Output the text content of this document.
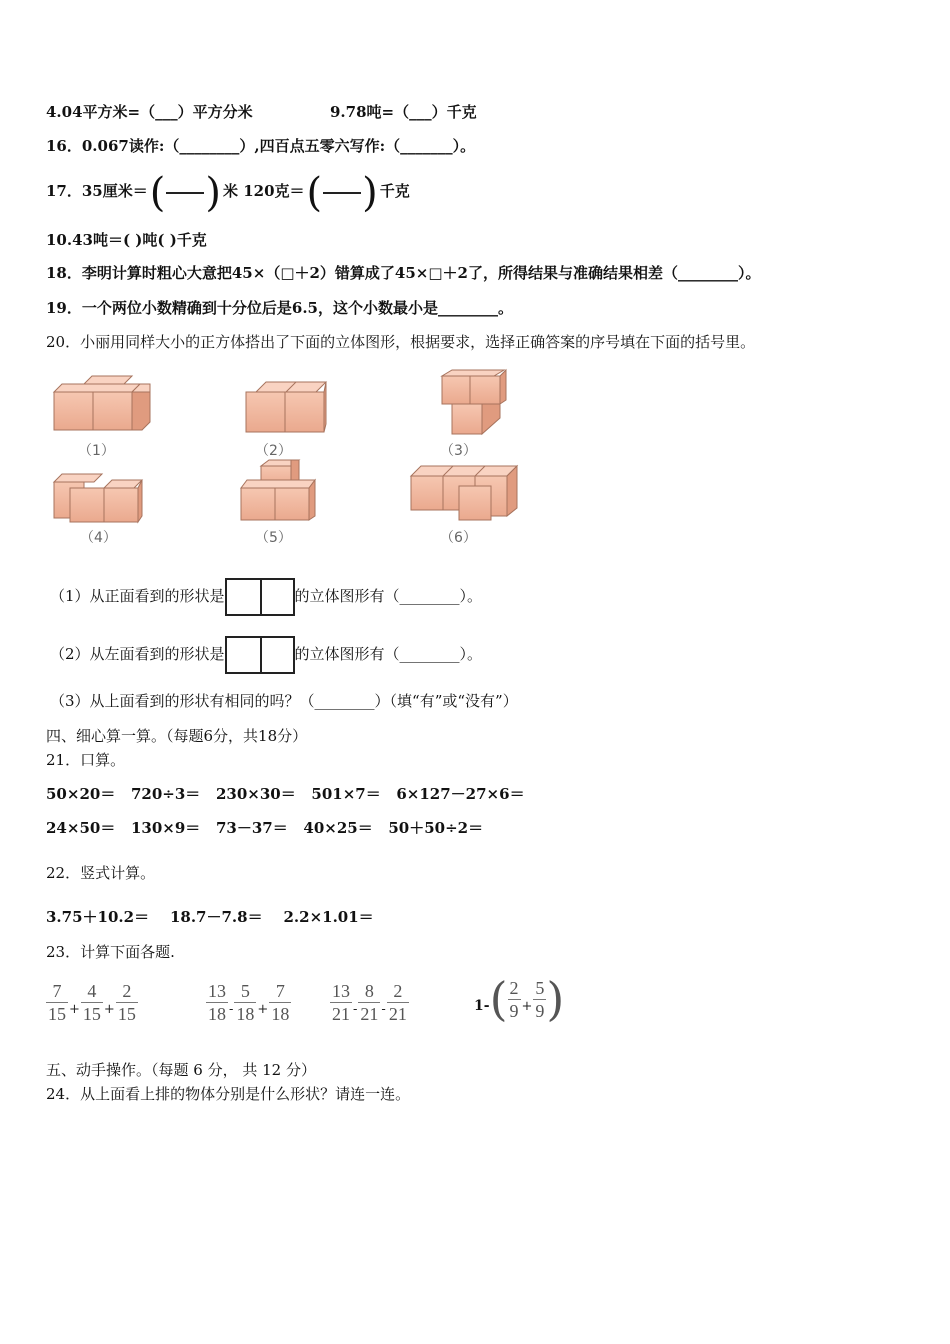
4.04平方米=（___）平方分米	9.78吨=（___）千克
16．0.067读作:（________）,四百点五零六写作:（_______）。
17．35厘米＝( ) 米 120克＝( ) 千克
10.43吨＝( )吨( )千克
18．李明计算时粗心大意把45×（□＋2）错算成了45×□＋2了，所得结果与准确结果相差（________）。
19．一个两位小数精确到十分位后是6.5，这个小数最小是________。
20．小丽用同样大小的正方体搭出了下面的立体图形，根据要求，选择正确答案的序号填在下面的括号里。
（1）	（2）	（3）
（4）	（5）	（6）
（1）从正面看到的形状是	的立体图形有（________）。
（2）从左面看到的形状是	的立体图形有（________）。
（3）从上面看到的形状有相同的吗？（________）（填“有”或“没有”）
四、细心算一算。（每题6分，共18分）
21．口算。
50×20＝   720÷3＝   230×30＝   501×7＝   6×127－27×6＝
24×50＝   130×9＝   73－37＝   40×25＝   50＋50÷2＝
22．竖式计算。
3.75＋10.2＝    18.7－7.8＝    2.2×1.01＝
23．计算下面各题.
$\frac{7}{15} + \frac{4}{15} + \frac{2}{15}$	$\frac{13}{18} - \frac{5}{18} + \frac{7}{18} \frac{13}{21} - \frac{8}{21} - \frac{2}{21}$	$1-( \frac{2}{9} + \frac{5}{9}$ )
五、动手操作。（每题 6 分， 共 12 分）
24．从上面看上排的物体分别是什么形状？请连一连。
